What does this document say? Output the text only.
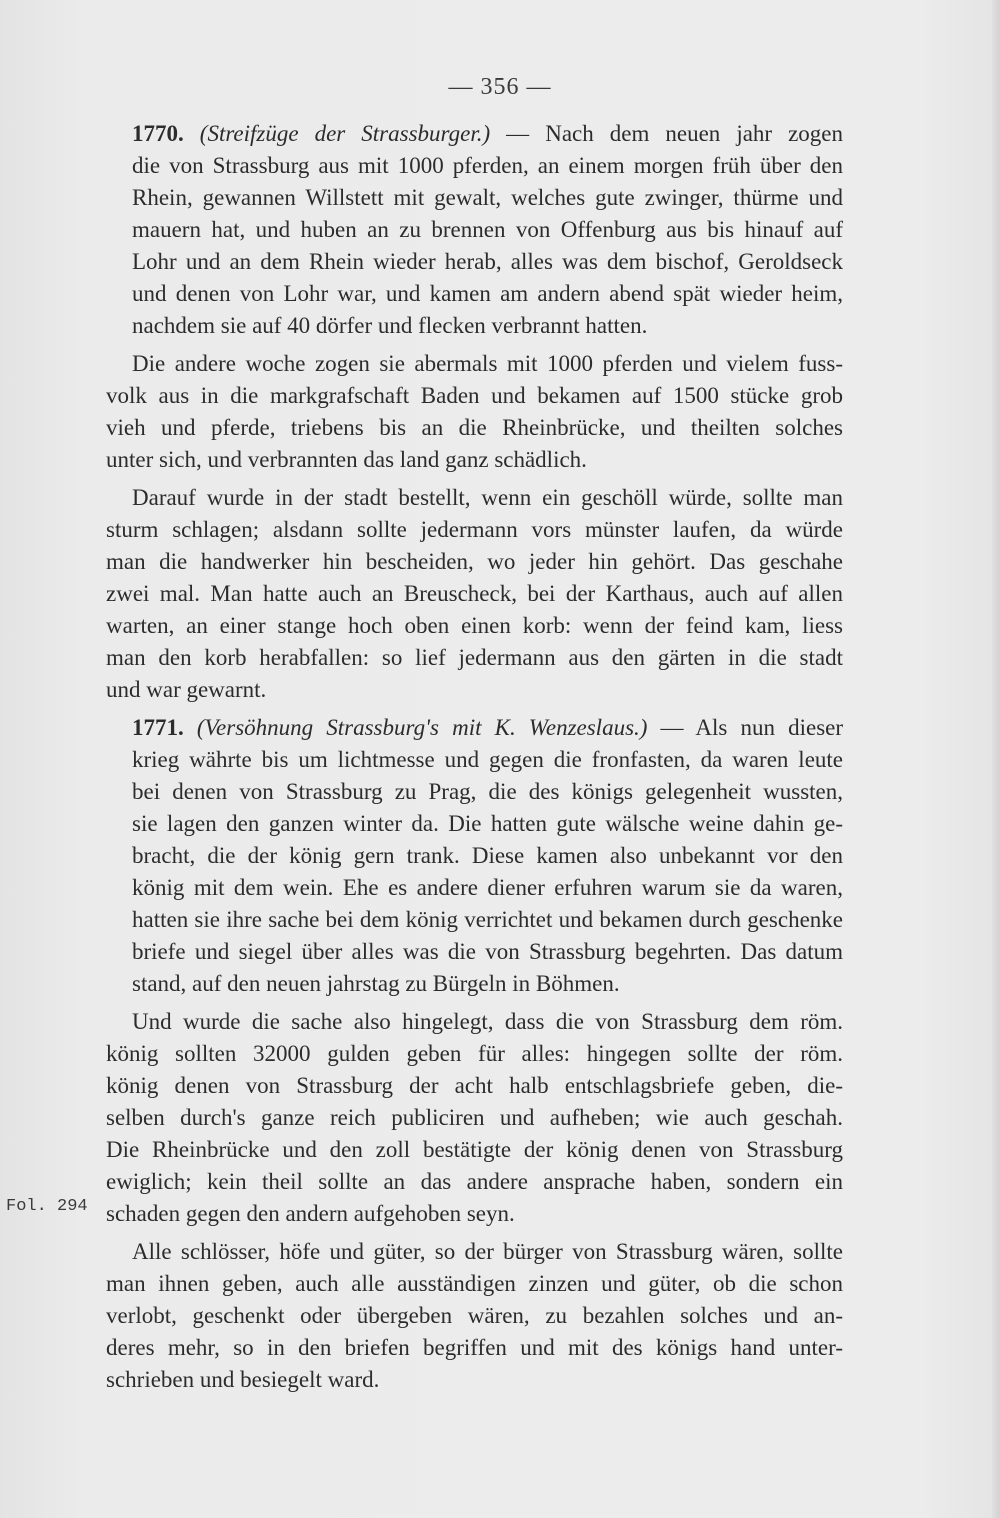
— 356 —
1770. (Streifzüge der Strassburger.) — Nach dem neuen jahr zogen
die von Strassburg aus mit 1000 pferden, an einem morgen früh über den
Rhein, gewannen Willstett mit gewalt, welches gute zwinger, thürme und
mauern hat, und huben an zu brennen von Offenburg aus bis hinauf auf
Lohr und an dem Rhein wieder herab, alles was dem bischof, Geroldseck
und denen von Lohr war, und kamen am andern abend spät wieder heim,
nachdem sie auf 40 dörfer und flecken verbrannt hatten.
Die andere woche zogen sie abermals mit 1000 pferden und vielem fuss-
volk aus in die markgrafschaft Baden und bekamen auf 1500 stücke grob
vieh und pferde, triebens bis an die Rheinbrücke, und theilten solches
unter sich, und verbrannten das land ganz schädlich.
Darauf wurde in der stadt bestellt, wenn ein geschöll würde, sollte man
sturm schlagen; alsdann sollte jedermann vors münster laufen, da würde
man die handwerker hin bescheiden, wo jeder hin gehört. Das geschahe
zwei mal. Man hatte auch an Breuscheck, bei der Karthaus, auch auf allen
warten, an einer stange hoch oben einen korb: wenn der feind kam, liess
man den korb herabfallen: so lief jedermann aus den gärten in die stadt
und war gewarnt.
1771. (Versöhnung Strassburg's mit K. Wenzeslaus.) — Als nun dieser
krieg währte bis um lichtmesse und gegen die fronfasten, da waren leute
bei denen von Strassburg zu Prag, die des königs gelegenheit wussten,
sie lagen den ganzen winter da. Die hatten gute wälsche weine dahin ge-
bracht, die der könig gern trank. Diese kamen also unbekannt vor den
könig mit dem wein. Ehe es andere diener erfuhren warum sie da waren,
hatten sie ihre sache bei dem könig verrichtet und bekamen durch geschenke
briefe und siegel über alles was die von Strassburg begehrten. Das datum
stand, auf den neuen jahrstag zu Bürgeln in Böhmen.
Und wurde die sache also hingelegt, dass die von Strassburg dem röm.
könig sollten 32000 gulden geben für alles: hingegen sollte der röm.
könig denen von Strassburg der acht halb entschlagsbriefe geben, die-
selben durch's ganze reich publiciren und aufheben; wie auch geschah.
Die Rheinbrücke und den zoll bestätigte der könig denen von Strassburg
ewiglich; kein theil sollte an das andere ansprache haben, sondern ein
schaden gegen den andern aufgehoben seyn.
Alle schlösser, höfe und güter, so der bürger von Strassburg wären, sollte
man ihnen geben, auch alle ausständigen zinzen und güter, ob die schon
verlobt, geschenkt oder übergeben wären, zu bezahlen solches und an-
deres mehr, so in den briefen begriffen und mit des königs hand unter-
schrieben und besiegelt ward.
Fol. 294
